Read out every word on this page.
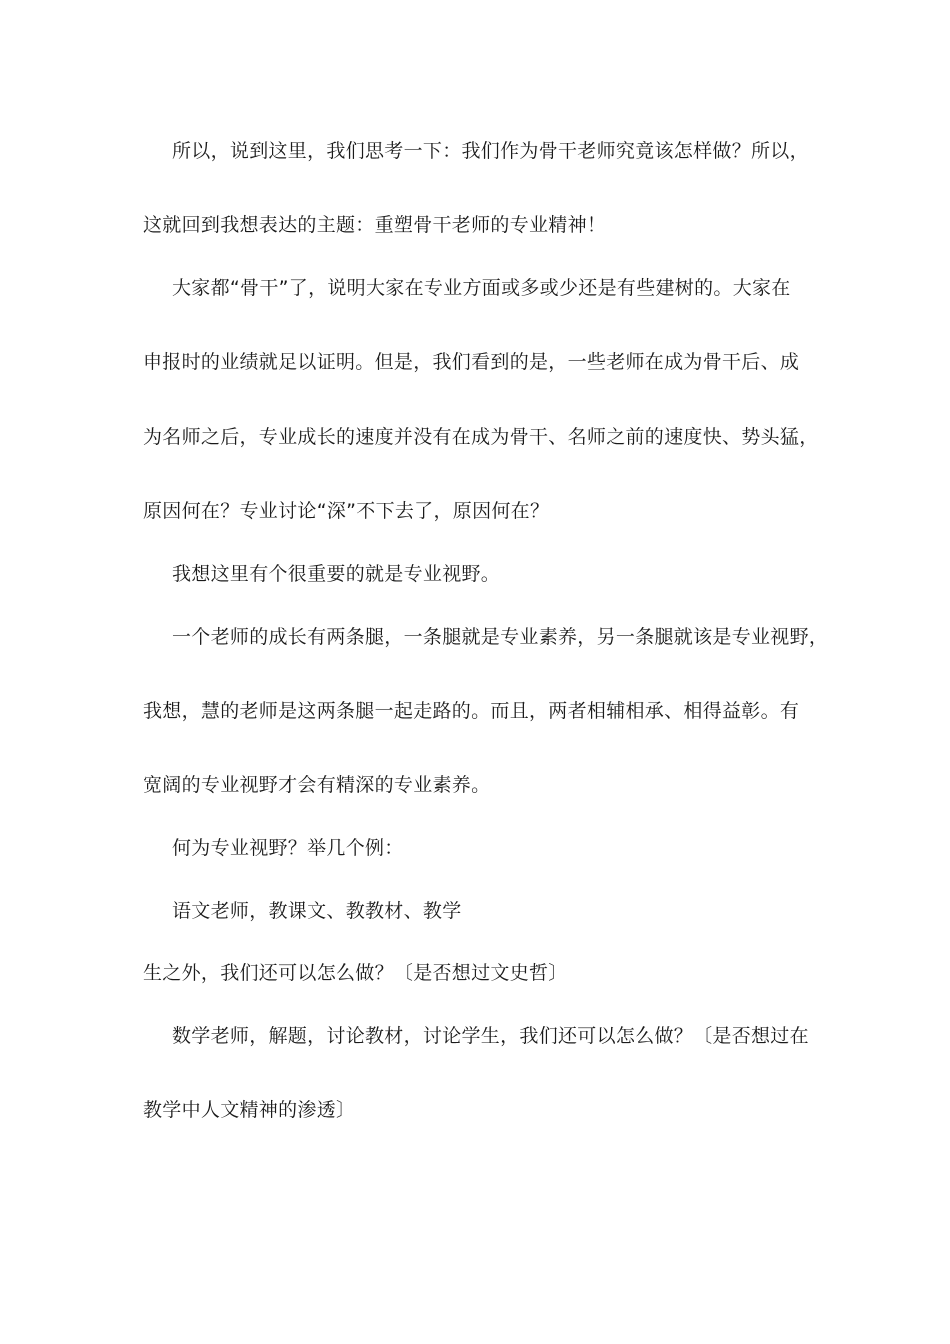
所以，说到这里，我们思考一下：我们作为骨干老师究竟该怎样做？所以，
这就回到我想表达的主题：重塑骨干老师的专业精神！
大家都“骨干”了，说明大家在专业方面或多或少还是有些建树的。大家在
申报时的业绩就足以证明。但是，我们看到的是，一些老师在成为骨干后、成
为名师之后，专业成长的速度并没有在成为骨干、名师之前的速度快、势头猛，
原因何在？专业讨论“深”不下去了，原因何在？
我想这里有个很重要的就是专业视野。
一个老师的成长有两条腿，一条腿就是专业素养，另一条腿就该是专业视野，
我想，慧的老师是这两条腿一起走路的。而且，两者相辅相承、相得益彰。有
宽阔的专业视野才会有精深的专业素养。
何为专业视野？举几个例：
语文老师，教课文、教教材、教学
生之外，我们还可以怎么做？〔是否想过文史哲〕
数学老师，解题，讨论教材，讨论学生，我们还可以怎么做？〔是否想过在
教学中人文精神的渗透〕
